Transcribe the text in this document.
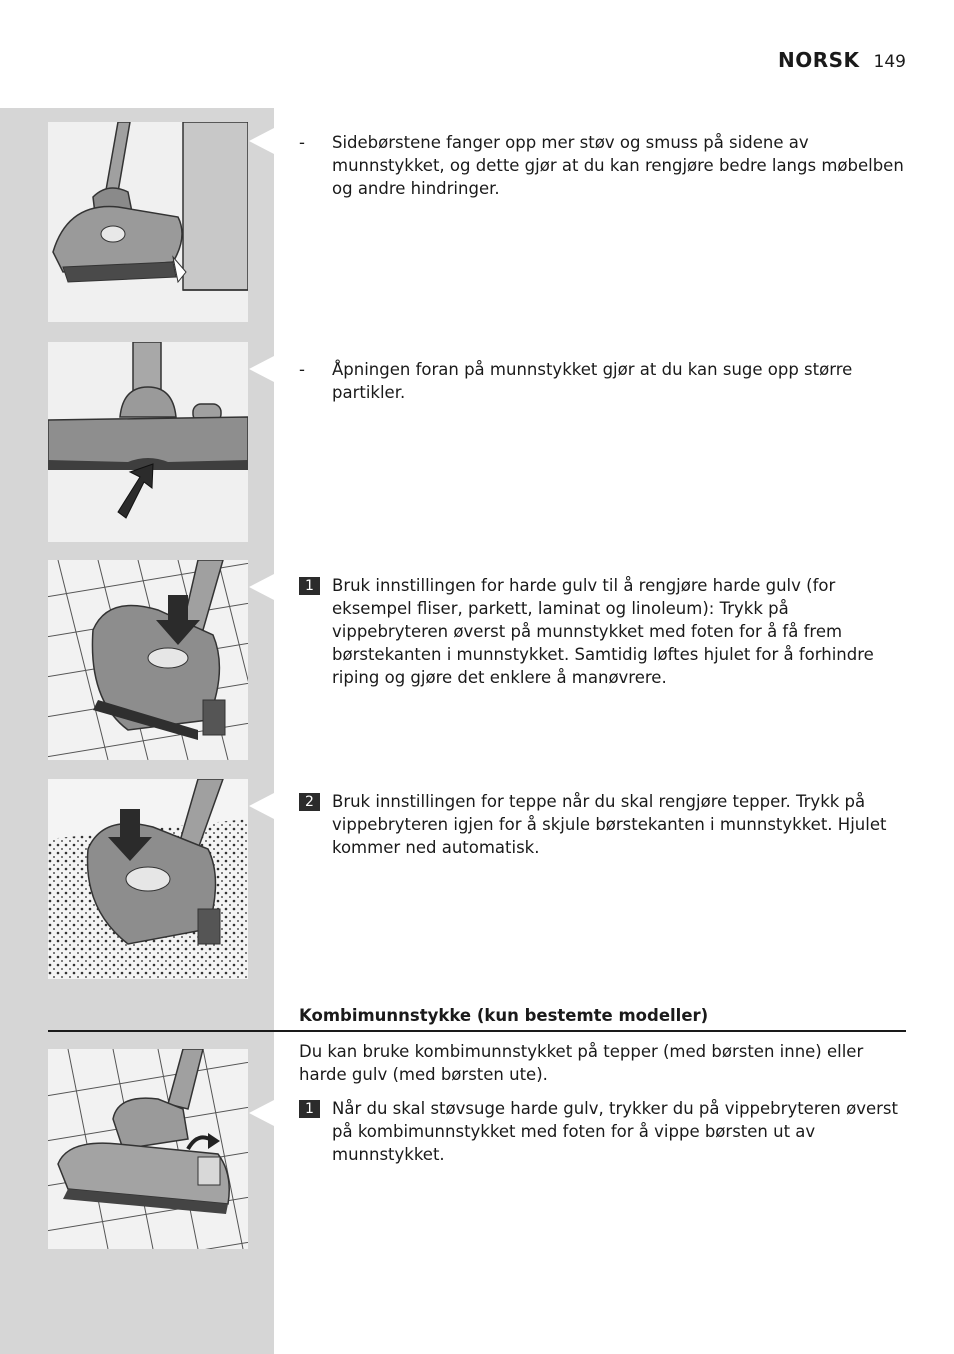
NORSK 149
-	Sidebørstene fanger opp mer støv og smuss på sidene av munnstykket, og dette gjør at du kan rengjøre bedre langs møbelben og andre hindringer.
-	Åpningen foran på munnstykket gjør at du kan suge opp større partikler.
1	Bruk innstillingen for harde gulv til å rengjøre harde gulv (for eksempel fliser, parkett, laminat og linoleum): Trykk på vippebryteren øverst på munnstykket med foten for å få frem børstekanten i munnstykket. Samtidig løftes hjulet for å forhindre riping og gjøre det enklere å manøvrere.
2	Bruk innstillingen for teppe når du skal rengjøre tepper. Trykk på vippebryteren igjen for å skjule børstekanten i munnstykket. Hjulet kommer ned automatisk.
Kombimunnstykke (kun bestemte modeller)
Du kan bruke kombimunnstykket på tepper (med børsten inne) eller harde gulv (med børsten ute).
1	Når du skal støvsuge harde gulv, trykker du på vippebryteren øverst på kombimunnstykket med foten for å vippe børsten ut av munnstykket.
